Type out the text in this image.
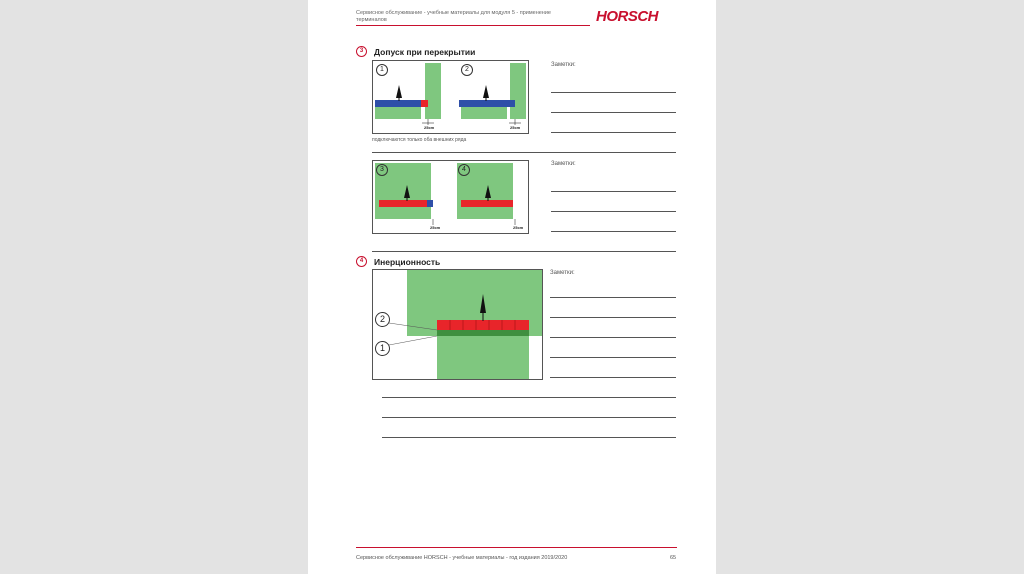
Сервисное обслуживание - учебные материалы для модуля 5 - применение терминалов	HORSCH
3	Допуск при перекрытии
1	2
25cm	25cm
подключаются только оба внешних ряда
3	4
25cm	25cm
Заметки:
Заметки:
4	Инерционность
2
1
Заметки:
Сервисное обслуживание HORSCH - учебные материалы - год издания 2019/2020	65
